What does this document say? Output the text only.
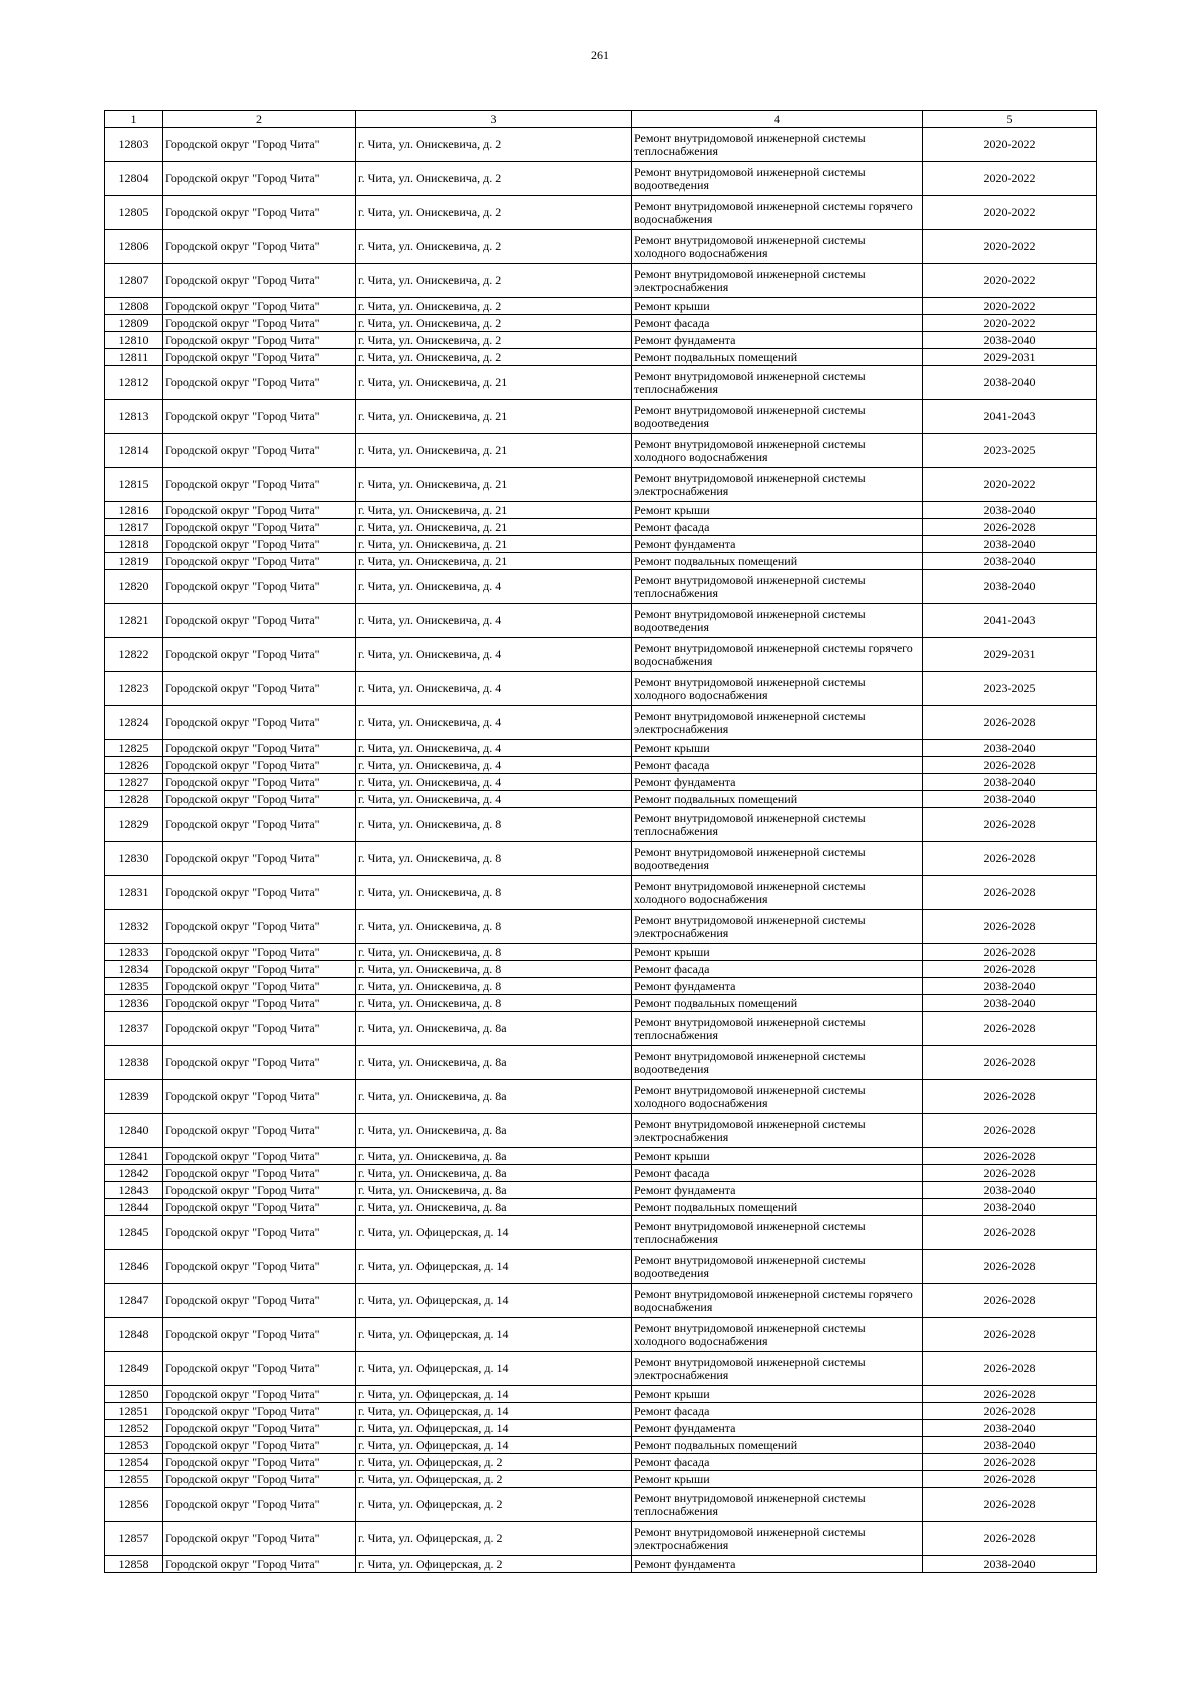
261
1	2	3	4	5
12803	Городской округ "Город Чита"	г. Чита, ул. Онискевича, д. 2	Ремонт внутридомовой инженерной системы теплоснабжения	2020-2022
12804	Городской округ "Город Чита"	г. Чита, ул. Онискевича, д. 2	Ремонт внутридомовой инженерной системы водоотведения	2020-2022
12805	Городской округ "Город Чита"	г. Чита, ул. Онискевича, д. 2	Ремонт внутридомовой инженерной системы горячего водоснабжения	2020-2022
12806	Городской округ "Город Чита"	г. Чита, ул. Онискевича, д. 2	Ремонт внутридомовой инженерной системы холодного водоснабжения	2020-2022
12807	Городской округ "Город Чита"	г. Чита, ул. Онискевича, д. 2	Ремонт внутридомовой инженерной системы электроснабжения	2020-2022
12808	Городской округ "Город Чита"	г. Чита, ул. Онискевича, д. 2	Ремонт крыши	2020-2022
12809	Городской округ "Город Чита"	г. Чита, ул. Онискевича, д. 2	Ремонт фасада	2020-2022
12810	Городской округ "Город Чита"	г. Чита, ул. Онискевича, д. 2	Ремонт фундамента	2038-2040
12811	Городской округ "Город Чита"	г. Чита, ул. Онискевича, д. 2	Ремонт подвальных помещений	2029-2031
12812	Городской округ "Город Чита"	г. Чита, ул. Онискевича, д. 21	Ремонт внутридомовой инженерной системы теплоснабжения	2038-2040
12813	Городской округ "Город Чита"	г. Чита, ул. Онискевича, д. 21	Ремонт внутридомовой инженерной системы водоотведения	2041-2043
12814	Городской округ "Город Чита"	г. Чита, ул. Онискевича, д. 21	Ремонт внутридомовой инженерной системы холодного водоснабжения	2023-2025
12815	Городской округ "Город Чита"	г. Чита, ул. Онискевича, д. 21	Ремонт внутридомовой инженерной системы электроснабжения	2020-2022
12816	Городской округ "Город Чита"	г. Чита, ул. Онискевича, д. 21	Ремонт крыши	2038-2040
12817	Городской округ "Город Чита"	г. Чита, ул. Онискевича, д. 21	Ремонт фасада	2026-2028
12818	Городской округ "Город Чита"	г. Чита, ул. Онискевича, д. 21	Ремонт фундамента	2038-2040
12819	Городской округ "Город Чита"	г. Чита, ул. Онискевича, д. 21	Ремонт подвальных помещений	2038-2040
12820	Городской округ "Город Чита"	г. Чита, ул. Онискевича, д. 4	Ремонт внутридомовой инженерной системы теплоснабжения	2038-2040
12821	Городской округ "Город Чита"	г. Чита, ул. Онискевича, д. 4	Ремонт внутридомовой инженерной системы водоотведения	2041-2043
12822	Городской округ "Город Чита"	г. Чита, ул. Онискевича, д. 4	Ремонт внутридомовой инженерной системы горячего водоснабжения	2029-2031
12823	Городской округ "Город Чита"	г. Чита, ул. Онискевича, д. 4	Ремонт внутридомовой инженерной системы холодного водоснабжения	2023-2025
12824	Городской округ "Город Чита"	г. Чита, ул. Онискевича, д. 4	Ремонт внутридомовой инженерной системы электроснабжения	2026-2028
12825	Городской округ "Город Чита"	г. Чита, ул. Онискевича, д. 4	Ремонт крыши	2038-2040
12826	Городской округ "Город Чита"	г. Чита, ул. Онискевича, д. 4	Ремонт фасада	2026-2028
12827	Городской округ "Город Чита"	г. Чита, ул. Онискевича, д. 4	Ремонт фундамента	2038-2040
12828	Городской округ "Город Чита"	г. Чита, ул. Онискевича, д. 4	Ремонт подвальных помещений	2038-2040
12829	Городской округ "Город Чита"	г. Чита, ул. Онискевича, д. 8	Ремонт внутридомовой инженерной системы теплоснабжения	2026-2028
12830	Городской округ "Город Чита"	г. Чита, ул. Онискевича, д. 8	Ремонт внутридомовой инженерной системы водоотведения	2026-2028
12831	Городской округ "Город Чита"	г. Чита, ул. Онискевича, д. 8	Ремонт внутридомовой инженерной системы холодного водоснабжения	2026-2028
12832	Городской округ "Город Чита"	г. Чита, ул. Онискевича, д. 8	Ремонт внутридомовой инженерной системы электроснабжения	2026-2028
12833	Городской округ "Город Чита"	г. Чита, ул. Онискевича, д. 8	Ремонт крыши	2026-2028
12834	Городской округ "Город Чита"	г. Чита, ул. Онискевича, д. 8	Ремонт фасада	2026-2028
12835	Городской округ "Город Чита"	г. Чита, ул. Онискевича, д. 8	Ремонт фундамента	2038-2040
12836	Городской округ "Город Чита"	г. Чита, ул. Онискевича, д. 8	Ремонт подвальных помещений	2038-2040
12837	Городской округ "Город Чита"	г. Чита, ул. Онискевича, д. 8а	Ремонт внутридомовой инженерной системы теплоснабжения	2026-2028
12838	Городской округ "Город Чита"	г. Чита, ул. Онискевича, д. 8а	Ремонт внутридомовой инженерной системы водоотведения	2026-2028
12839	Городской округ "Город Чита"	г. Чита, ул. Онискевича, д. 8а	Ремонт внутридомовой инженерной системы холодного водоснабжения	2026-2028
12840	Городской округ "Город Чита"	г. Чита, ул. Онискевича, д. 8а	Ремонт внутридомовой инженерной системы электроснабжения	2026-2028
12841	Городской округ "Город Чита"	г. Чита, ул. Онискевича, д. 8а	Ремонт крыши	2026-2028
12842	Городской округ "Город Чита"	г. Чита, ул. Онискевича, д. 8а	Ремонт фасада	2026-2028
12843	Городской округ "Город Чита"	г. Чита, ул. Онискевича, д. 8а	Ремонт фундамента	2038-2040
12844	Городской округ "Город Чита"	г. Чита, ул. Онискевича, д. 8а	Ремонт подвальных помещений	2038-2040
12845	Городской округ "Город Чита"	г. Чита, ул. Офицерская, д. 14	Ремонт внутридомовой инженерной системы теплоснабжения	2026-2028
12846	Городской округ "Город Чита"	г. Чита, ул. Офицерская, д. 14	Ремонт внутридомовой инженерной системы водоотведения	2026-2028
12847	Городской округ "Город Чита"	г. Чита, ул. Офицерская, д. 14	Ремонт внутридомовой инженерной системы горячего водоснабжения	2026-2028
12848	Городской округ "Город Чита"	г. Чита, ул. Офицерская, д. 14	Ремонт внутридомовой инженерной системы холодного водоснабжения	2026-2028
12849	Городской округ "Город Чита"	г. Чита, ул. Офицерская, д. 14	Ремонт внутридомовой инженерной системы электроснабжения	2026-2028
12850	Городской округ "Город Чита"	г. Чита, ул. Офицерская, д. 14	Ремонт крыши	2026-2028
12851	Городской округ "Город Чита"	г. Чита, ул. Офицерская, д. 14	Ремонт фасада	2026-2028
12852	Городской округ "Город Чита"	г. Чита, ул. Офицерская, д. 14	Ремонт фундамента	2038-2040
12853	Городской округ "Город Чита"	г. Чита, ул. Офицерская, д. 14	Ремонт подвальных помещений	2038-2040
12854	Городской округ "Город Чита"	г. Чита, ул. Офицерская, д. 2	Ремонт фасада	2026-2028
12855	Городской округ "Город Чита"	г. Чита, ул. Офицерская, д. 2	Ремонт крыши	2026-2028
12856	Городской округ "Город Чита"	г. Чита, ул. Офицерская, д. 2	Ремонт внутридомовой инженерной системы теплоснабжения	2026-2028
12857	Городской округ "Город Чита"	г. Чита, ул. Офицерская, д. 2	Ремонт внутридомовой инженерной системы электроснабжения	2026-2028
12858	Городской округ "Город Чита"	г. Чита, ул. Офицерская, д. 2	Ремонт фундамента	2038-2040
